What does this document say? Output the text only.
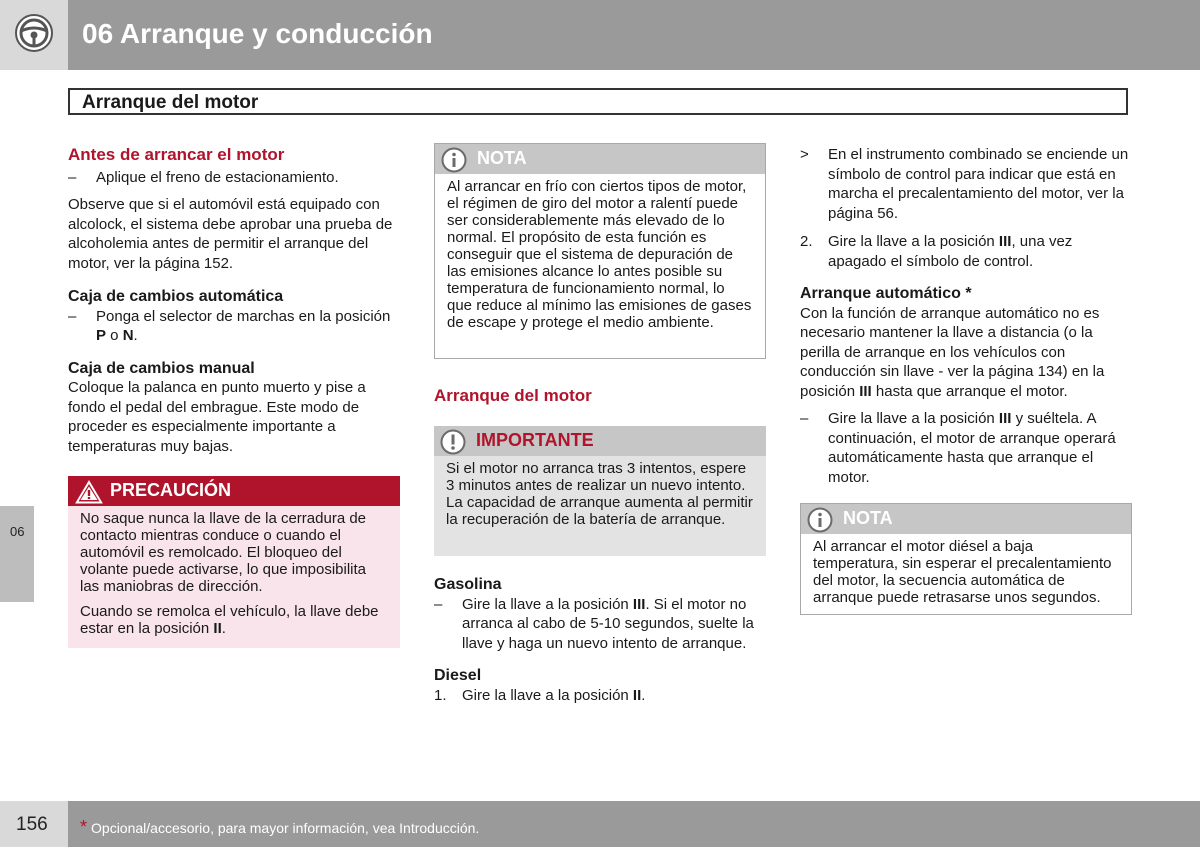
06 Arranque y conducción
Arranque del motor
06

Antes de arrancar el motor

– Aplique el freno de estacionamiento.

Observe que si el automóvil está equipado con alcolock, el sistema debe aprobar una prueba de alcoholemia antes de permitir el arranque del motor, ver la página 152.

Caja de cambios automática

– Ponga el selector de marchas en la posición P o N.

Caja de cambios manual

Coloque la palanca en punto muerto y pise a fondo el pedal del embrague. Este modo de proceder es especialmente importante a temperaturas muy bajas.

PRECAUCIÓN

No saque nunca la llave de la cerradura de contacto mientras conduce o cuando el automóvil es remolcado. El bloqueo del volante puede activarse, lo que imposibilita las maniobras de dirección.

Cuando se remolca el vehículo, la llave debe estar en la posición II.

NOTA

Al arrancar en frío con ciertos tipos de motor, el régimen de giro del motor a ralentí puede ser considerablemente más elevado de lo normal. El propósito de esta función es conseguir que el sistema de depuración de las emisiones alcance lo antes posible su temperatura de funcionamiento normal, lo que reduce al mínimo las emisiones de gases de escape y protege el medio ambiente.

Arranque del motor

IMPORTANTE

Si el motor no arranca tras 3 intentos, espere 3 minutos antes de realizar un nuevo intento. La capacidad de arranque aumenta al permitir la recuperación de la batería de arranque.

Gasolina

– Gire la llave a la posición III. Si el motor no arranca al cabo de 5-10 segundos, suelte la llave y haga un nuevo intento de arranque.

Diesel

1. Gire la llave a la posición II.

> En el instrumento combinado se enciende un símbolo de control para indicar que está en marcha el precalentamiento del motor, ver la página 56.

2. Gire la llave a la posición III, una vez apagado el símbolo de control.

Arranque automático *

Con la función de arranque automático no es necesario mantener la llave a distancia (o la perilla de arranque en los vehículos con conducción sin llave - ver la página 134) en la posición III hasta que arranque el motor.

– Gire la llave a la posición III y suéltela. A continuación, el motor de arranque operará automáticamente hasta que arranque el motor.

NOTA

Al arrancar el motor diésel a baja temperatura, sin esperar el precalentamiento del motor, la secuencia automática de arranque puede retrasarse unos segundos.

156 * Opcional/accesorio, para mayor información, vea Introducción.
